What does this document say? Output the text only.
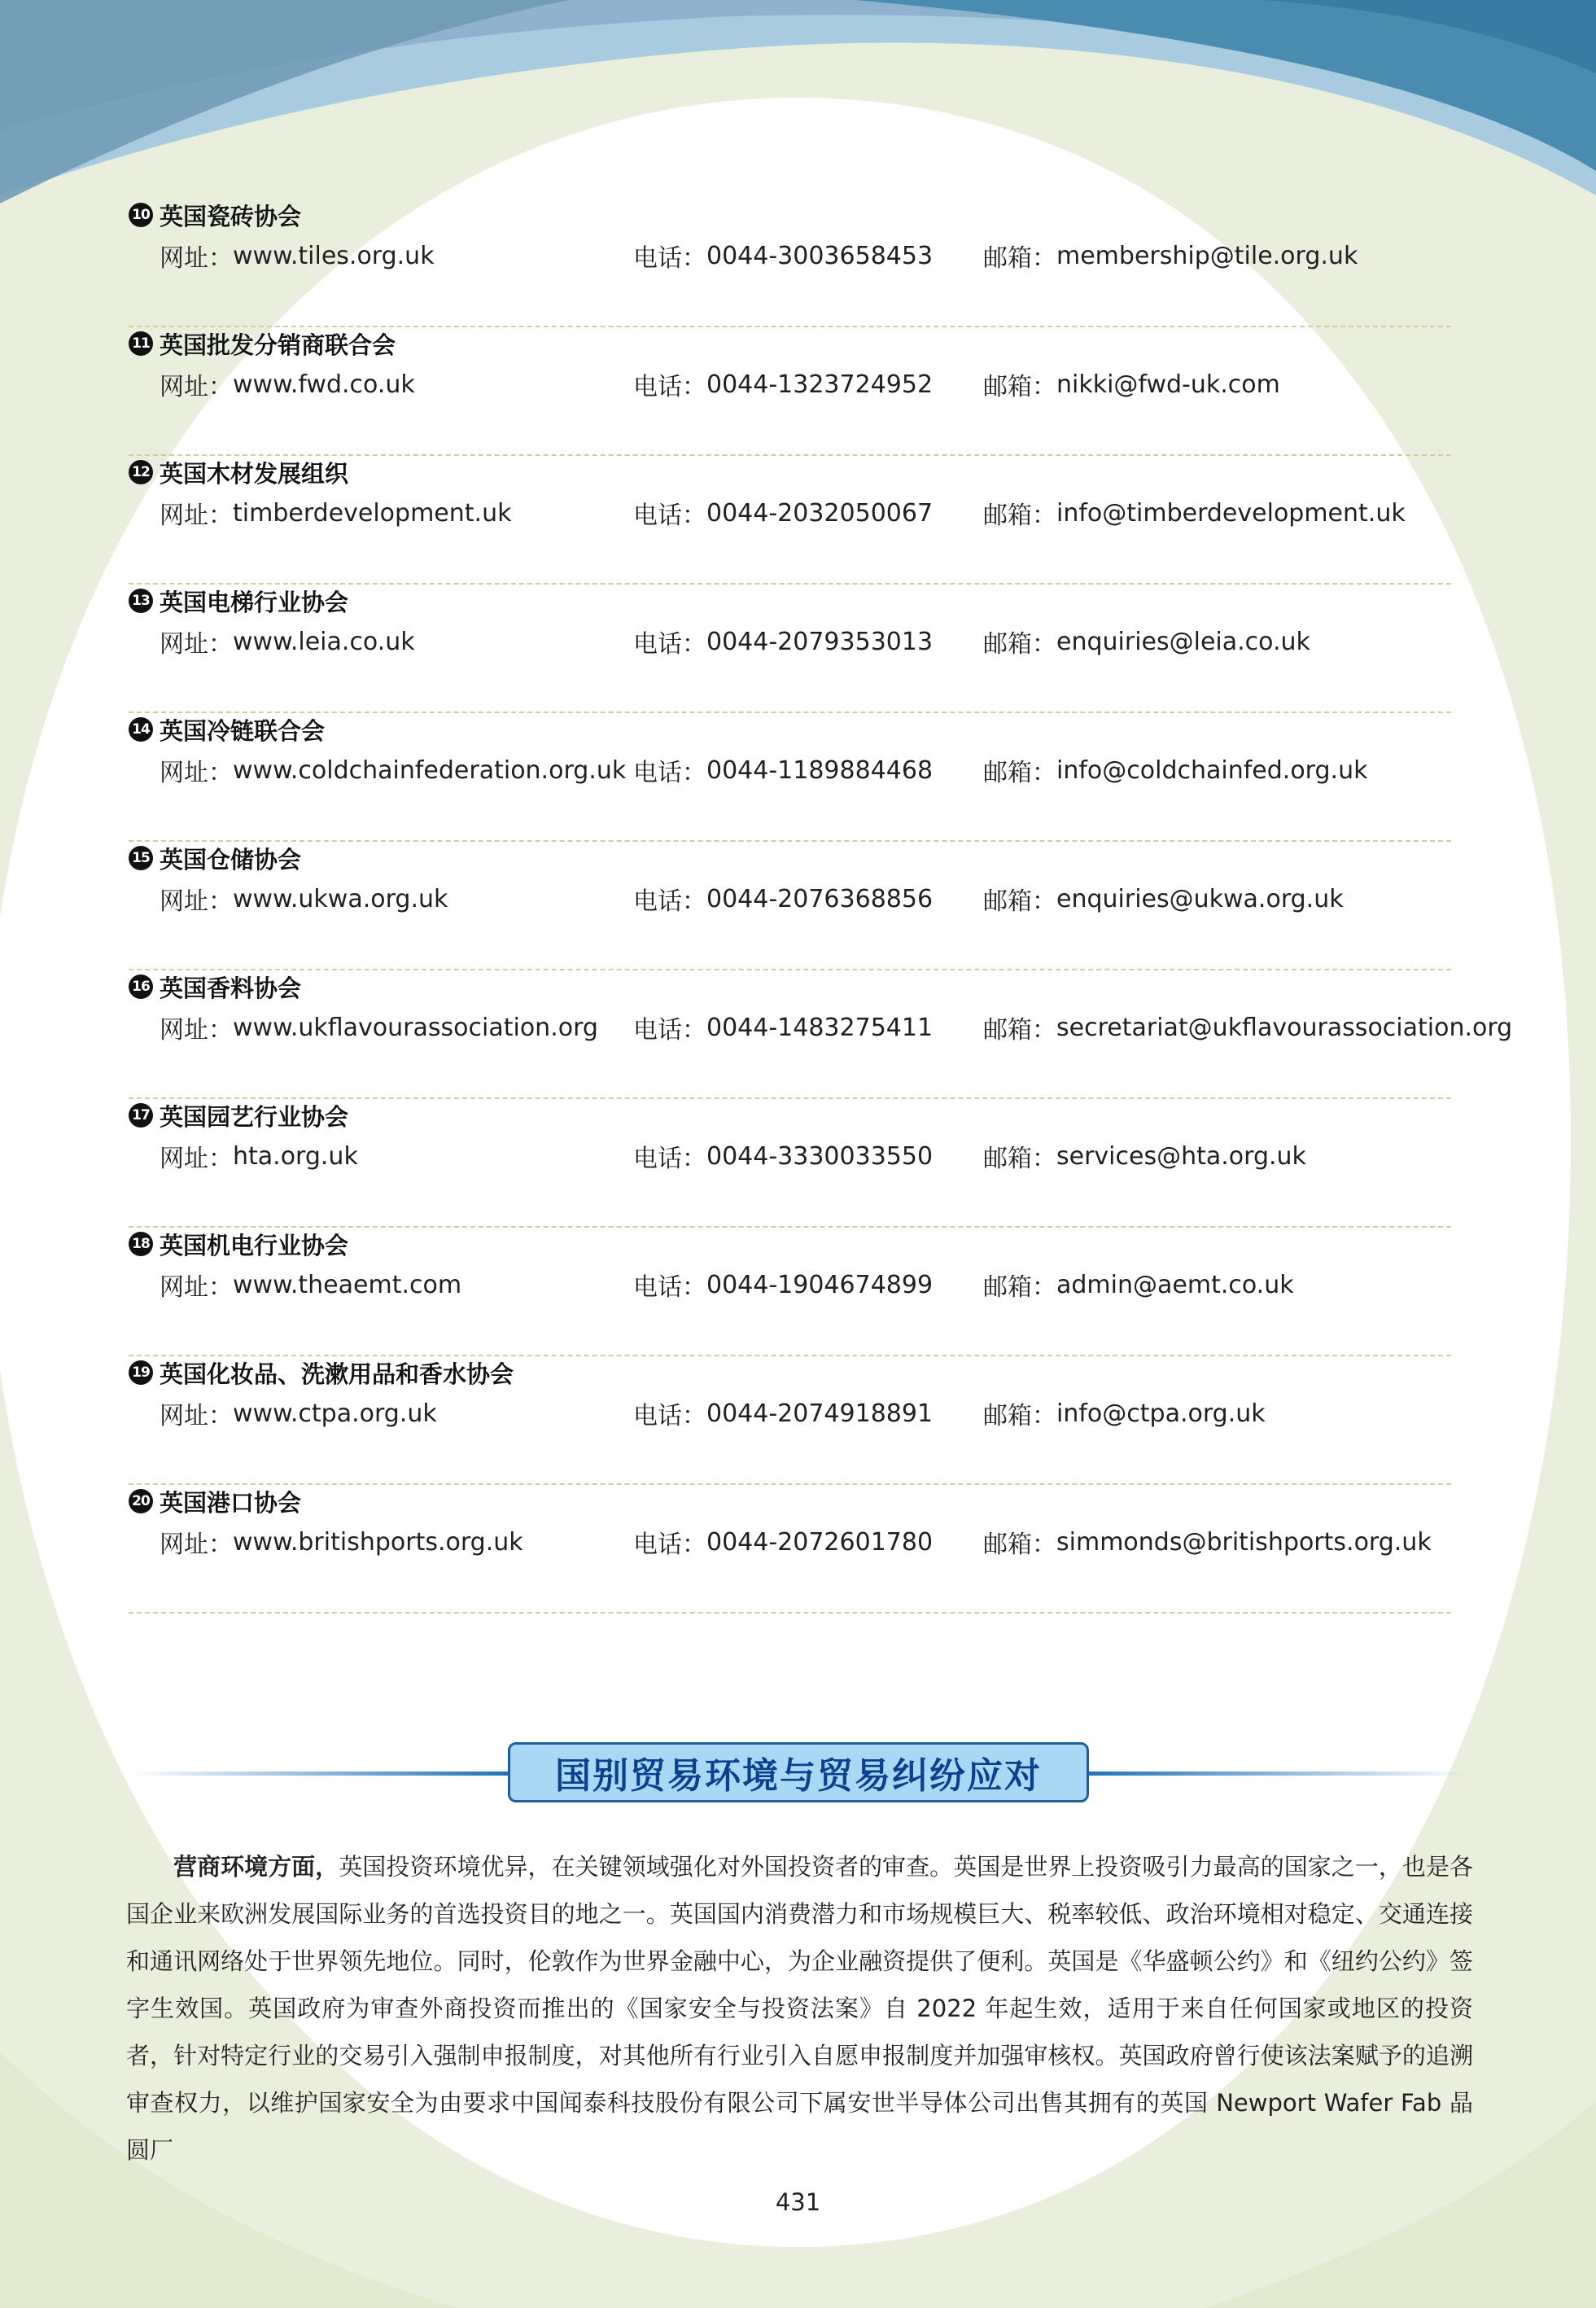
10 英国瓷砖协会
网址： www.tiles.org.uk	电话： 0044-3003658453 邮箱： membership@tile.org.uk
11 英国批发分销商联合会
网址： www.fwd.co.uk	电话： 0044-1323724952 邮箱： nikki@fwd-uk.com
12 英国木材发展组织
网址： timberdevelopment.uk	电话： 0044-2032050067 邮箱： info@timberdevelopment.uk
13 英国电梯行业协会
网址： www.leia.co.uk	电话： 0044-2079353013 邮箱： enquiries@leia.co.uk
14 英国冷链联合会
网址： www.coldchainfederation.org.uk 电话： 0044-1189884468 邮箱： info@coldchainfed.org.uk
15 英国仓储协会
网址： www.ukwa.org.uk	电话： 0044-2076368856 邮箱： enquiries@ukwa.org.uk
16 英国香料协会
网址： www.ukflavourassociation.org 电话： 0044-1483275411 邮箱： secretariat@ukflavourassociation.org
17 英国园艺行业协会
网址： hta.org.uk	电话： 0044-3330033550 邮箱： services@hta.org.uk
18 英国机电行业协会
网址： www.theaemt.com	电话： 0044-1904674899 邮箱： admin@aemt.co.uk
19 英国化妆品、洗漱用品和香水协会
网址： www.ctpa.org.uk	电话： 0044-2074918891 邮箱： info@ctpa.org.uk
20 英国港口协会
网址： www.britishports.org.uk	电话： 0044-2072601780 邮箱： simmonds@britishports.org.uk
国别贸易环境与贸易纠纷应对
营商环境方面，英国投资环境优异，在关键领域强化对外国投资者的审查。英国是世界上投资吸引力最高的国家之一，也是各国企业来欧洲发展国际业务的首选投资目的地之一。英国国内消费潜力和市场规模巨大、税率较低、政治环境相对稳定、交通连接和通讯网络处于世界领先地位。同时，伦敦作为世界金融中心，为企业融资提供了便利。英国是《华盛顿公约》和《纽约公约》签字生效国。英国政府为审查外商投资而推出的《国家安全与投资法案》自 2022 年起生效，适用于来自任何国家或地区的投资者，针对特定行业的交易引入强制申报制度，对其他所有行业引入自愿申报制度并加强审核权。英国政府曾行使该法案赋予的追溯审查权力，以维护国家安全为由要求中国闻泰科技股份有限公司下属安世半导体公司出售其拥有的英国 Newport Wafer Fab 晶圆厂
431
